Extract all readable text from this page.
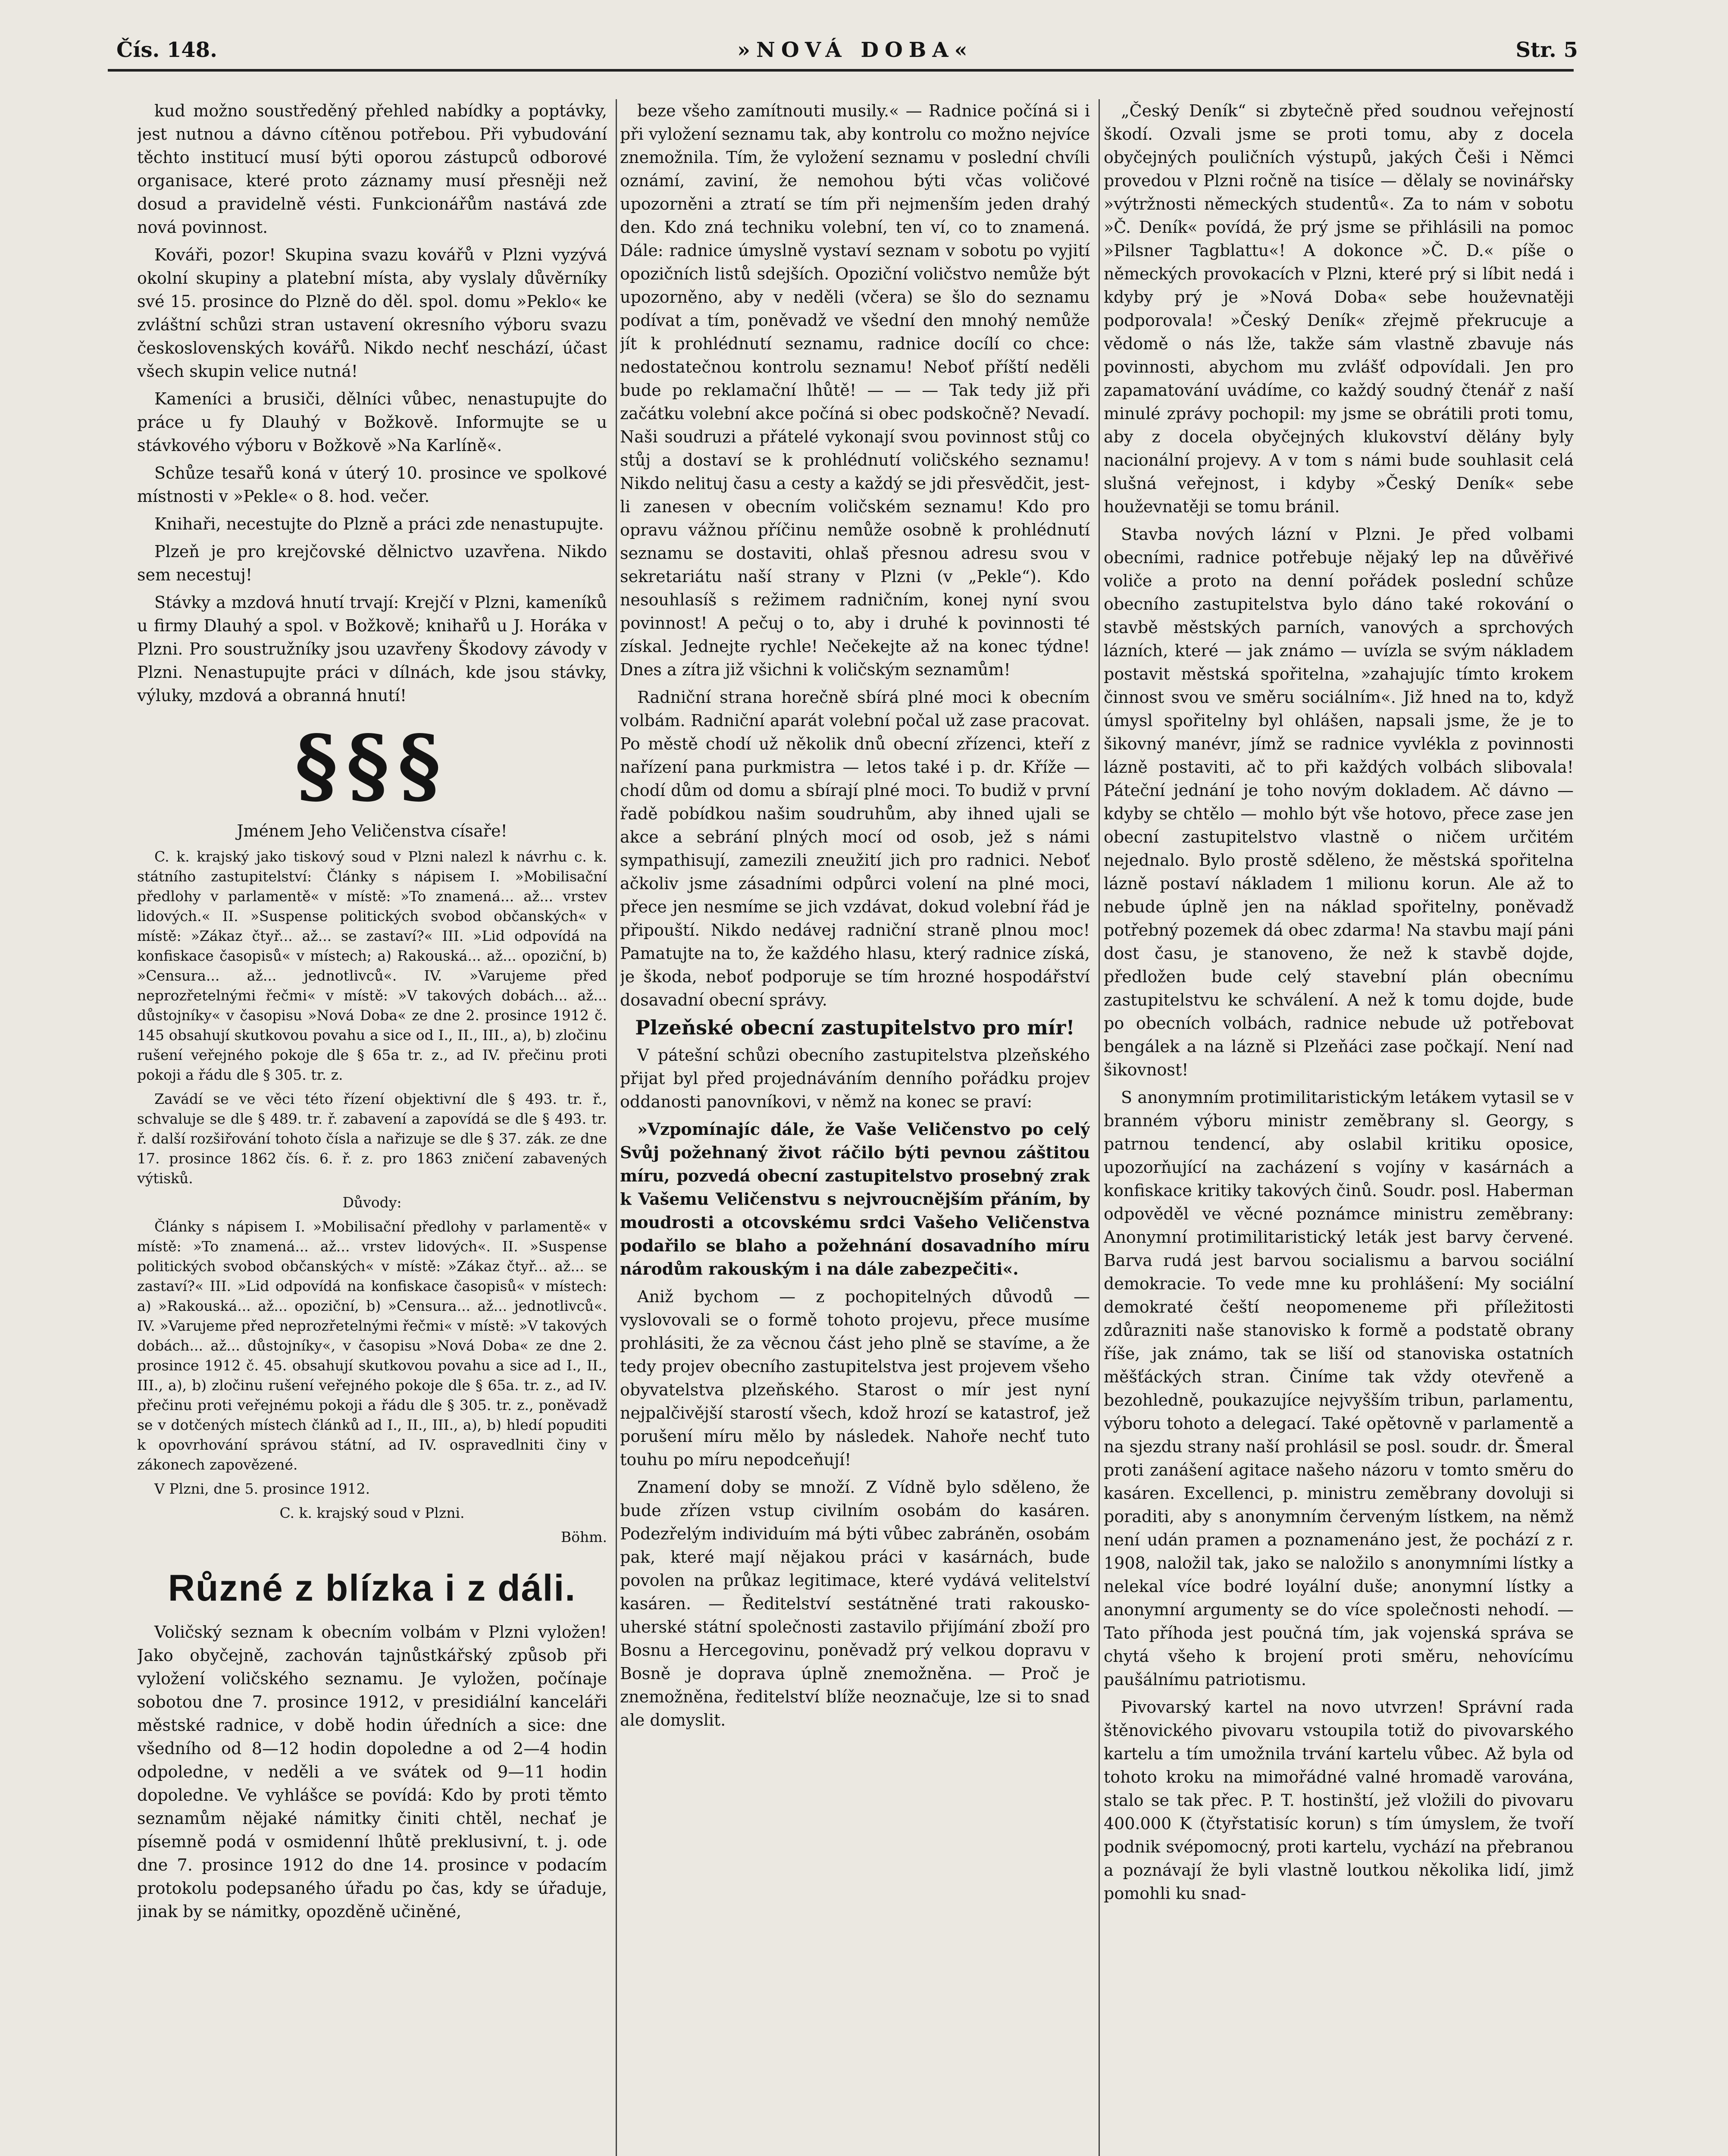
Čís. 148.	»NOVÁ DOBA«	Str. 5

kud možno soustředěný přehled nabídky a poptávky, jest nutnou a dávno cítěnou potřebou. Při vybudování těchto institucí musí býti oporou zástupců odborové organisace, které proto záznamy musí přesněji než dosud a pravidelně vésti. Funkcionářům nastává zde nová povinnost.

Kováři, pozor! Skupina svazu kovářů v Plzni vyzývá okolní skupiny a platební místa, aby vyslaly důvěrníky své 15. prosince do Plzně do děl. spol. domu »Peklo« ke zvláštní schůzi stran ustavení okresního výboru svazu československých kovářů. Nikdo nechť neschází, účast všech skupin velice nutná!

Kameníci a brusiči, dělníci vůbec, nenastupujte do práce u fy Dlauhý v Božkově. Informujte se u stávkového výboru v Božkově »Na Karlíně«.

Schůze tesařů koná v úterý 10. prosince ve spolkové místnosti v »Pekle« o 8. hod. večer.

Knihaři, necestujte do Plzně a práci zde nenastupujte.

Plzeň je pro krejčovské dělnictvo uzavřena. Nikdo sem necestuj!

Stávky a mzdová hnutí trvají: Krejčí v Plzni, kameníků u firmy Dlauhý a spol. v Božkově; knihařů u J. Horáka v Plzni. Pro soustružníky jsou uzavřeny Škodovy závody v Plzni. Nenastupujte práci v dílnách, kde jsou stávky, výluky, mzdová a obranná hnutí!

§§§

Jménem Jeho Veličenstva císaře!

C. k. krajský jako tiskový soud v Plzni nalezl k návrhu c. k. státního zastupitelství: Články s nápisem I. »Mobilisační předlohy v parlamentě« v místě: »To znamená... až... vrstev lidových.« II. »Suspense politických svobod občanských« v místě: »Zákaz čtyř... až... se zastaví?« III. »Lid odpovídá na konfiskace časopisů« v místech; a) Rakouská... až... opoziční, b) »Censura... až... jednotlivců«. IV. »Varujeme před neprozřetelnými řečmi« v místě: »V takových dobách... až... důstojníky« v časopisu »Nová Doba« ze dne 2. prosince 1912 č. 145 obsahují skutkovou povahu a sice od I., II., III., a), b) zločinu rušení veřejného pokoje dle § 65a tr. z., ad IV. přečinu proti pokoji a řádu dle § 305. tr. z.

Zavádí se ve věci této řízení objektivní dle § 493. tr. ř., schvaluje se dle § 489. tr. ř. zabavení a zapovídá se dle § 493. tr. ř. další rozšiřování tohoto čísla a nařizuje se dle § 37. zák. ze dne 17. prosince 1862 čís. 6. ř. z. pro 1863 zničení zabavených výtisků.

Důvody:

Články s nápisem I. »Mobilisační předlohy v parlamentě« v místě: »To znamená... až... vrstev lidových«. II. »Suspense politických svobod občanských« v místě: »Zákaz čtyř... až... se zastaví?« III. »Lid odpovídá na konfiskace časopisů« v místech: a) »Rakouská... až... opoziční, b) »Censura... až... jednotlivců«. IV. »Varujeme před neprozřetelnými řečmi« v místě: »V takových dobách... až... důstojníky«, v časopisu »Nová Doba« ze dne 2. prosince 1912 č. 45. obsahují skutkovou povahu a sice ad I., II., III., a), b) zločinu rušení veřejného pokoje dle § 65a. tr. z., ad IV. přečinu proti veřejnému pokoji a řádu dle § 305. tr. z., poněvadž se v dotčených místech článků ad I., II., III., a), b) hledí popuditi k opovrhování správou státní, ad IV. ospravedlniti činy v zákonech zapovězené.

V Plzni, dne 5. prosince 1912.

C. k. krajský soud v Plzni.

Böhm.

Různé z blízka i z dáli.

Voličský seznam k obecním volbám v Plzni vyložen! Jako obyčejně, zachován tajnůstkářský způsob při vyložení voličského seznamu. Je vyložen, počínaje sobotou dne 7. prosince 1912, v presidiální kanceláři městské radnice, v době hodin úředních a sice: dne všedního od 8—12 hodin dopoledne a od 2—4 hodin odpoledne, v neděli a ve svátek od 9—11 hodin dopoledne. Ve vyhlášce se povídá: Kdo by proti těmto seznamům nějaké námitky činiti chtěl, nechať je písemně podá v osmidenní lhůtě preklusivní, t. j. ode dne 7. prosince 1912 do dne 14. prosince v podacím protokolu podepsaného úřadu po čas, kdy se úřaduje, jinak by se námitky, opozděně učiněné,

beze všeho zamítnouti musily.« — Radnice počíná si i při vyložení seznamu tak, aby kontrolu co možno nejvíce znemožnila. Tím, že vyložení seznamu v poslední chvíli oznámí, zaviní, že nemohou býti včas voličové upozorněni a ztratí se tím při nejmenším jeden drahý den. Kdo zná techniku volební, ten ví, co to znamená. Dále: radnice úmyslně vystaví seznam v sobotu po vyjití opozičních listů sdejších. Opoziční voličstvo nemůže být upozorněno, aby v neděli (včera) se šlo do seznamu podívat a tím, poněvadž ve všední den mnohý nemůže jít k prohlédnutí seznamu, radnice docílí co chce: nedostatečnou kontrolu seznamu! Neboť příští neděli bude po reklamační lhůtě! — — — Tak tedy již při začátku volební akce počíná si obec podskočně? Nevadí. Naši soudruzi a přátelé vykonají svou povinnost stůj co stůj a dostaví se k prohlédnutí voličského seznamu! Nikdo nelituj času a cesty a každý se jdi přesvědčit, jest-li zanesen v obecním voličském seznamu! Kdo pro opravu vážnou příčinu nemůže osobně k prohlédnutí seznamu se dostaviti, ohlaš přesnou adresu svou v sekretariátu naší strany v Plzni (v „Pekle“). Kdo nesouhlasíš s režimem radničním, konej nyní svou povinnost! A pečuj o to, aby i druhé k povinnosti té získal. Jednejte rychle! Nečekejte až na konec týdne! Dnes a zítra již všichni k voličským seznamům!

Radniční strana horečně sbírá plné moci k obecním volbám. Radniční aparát volební počal už zase pracovat. Po městě chodí už několik dnů obecní zřízenci, kteří z nařízení pana purkmistra — letos také i p. dr. Kříže — chodí dům od domu a sbírají plné moci. To budiž v první řadě pobídkou našim soudruhům, aby ihned ujali se akce a sebrání plných mocí od osob, jež s námi sympathisují, zamezili zneužití jich pro radnici. Neboť ačkoliv jsme zásadními odpůrci volení na plné moci, přece jen nesmíme se jich vzdávat, dokud volební řád je připouští. Nikdo nedávej radniční straně plnou moc! Pamatujte na to, že každého hlasu, který radnice získá, je škoda, neboť podporuje se tím hrozné hospodářství dosavadní obecní správy.

Plzeňské obecní zastupitelstvo pro mír!

V pátešní schůzi obecního zastupitelstva plzeňského přijat byl před projednáváním denního pořádku projev oddanosti panovníkovi, v němž na konec se praví:

»Vzpomínajíc dále, že Vaše Veličenstvo po celý Svůj požehnaný život ráčilo býti pevnou záštitou míru, pozvedá obecní zastupitelstvo prosebný zrak k Vašemu Veličenstvu s nejvroucnějším přáním, by moudrosti a otcovskému srdci Vašeho Veličenstva podařilo se blaho a požehnání dosavadního míru národům rakouským i na dále zabezpečiti«.

Aniž bychom — z pochopitelných důvodů — vyslovovali se o formě tohoto projevu, přece musíme prohlásiti, že za věcnou část jeho plně se stavíme, a že tedy projev obecního zastupitelstva jest projevem všeho obyvatelstva plzeňského. Starost o mír jest nyní nejpalčivější starostí všech, kdož hrozí se katastrof, jež porušení míru mělo by následek. Nahoře nechť tuto touhu po míru nepodceňují!

Znamení doby se množí. Z Vídně bylo sděleno, že bude zřízen vstup civilním osobám do kasáren. Podezřelým individuím má býti vůbec zabráněn, osobám pak, které mají nějakou práci v kasárnách, bude povolen na průkaz legitimace, které vydává velitelství kasáren. — Ředitelství sestátněné trati rakousko-uherské státní společnosti zastavilo přijímání zboží pro Bosnu a Hercegovinu, poněvadž prý velkou dopravu v Bosně je doprava úplně znemožněna. — Proč je znemožněna, ředitelství blíže neoznačuje, lze si to snad ale domyslit.

„Český Deník“ si zbytečně před soudnou veřejností škodí. Ozvali jsme se proti tomu, aby z docela obyčejných pouličních výstupů, jakých Češi i Němci provedou v Plzni ročně na tisíce — dělaly se novinářsky »výtržnosti německých studentů«. Za to nám v sobotu »Č. Deník« povídá, že prý jsme se přihlásili na pomoc »Pilsner Tagblattu«! A dokonce »Č. D.« píše o německých provokacích v Plzni, které prý si líbit nedá i kdyby prý je »Nová Doba« sebe houževnatěji podporovala! »Český Deník« zřejmě překrucuje a vědomě o nás lže, takže sám vlastně zbavuje nás povinnosti, abychom mu zvlášť odpovídali. Jen pro zapamatování uvádíme, co každý soudný čtenář z naší minulé zprávy pochopil: my jsme se obrátili proti tomu, aby z docela obyčejných klukovství dělány byly nacionální projevy. A v tom s námi bude souhlasit celá slušná veřejnost, i kdyby »Český Deník« sebe houževnatěji se tomu bránil.

Stavba nových lázní v Plzni. Je před volbami obecními, radnice potřebuje nějaký lep na důvěřivé voliče a proto na denní pořádek poslední schůze obecního zastupitelstva bylo dáno také rokování o stavbě městských parních, vanových a sprchových lázních, které — jak známo — uvízla se svým nákladem postavit městská spořitelna, »zahajujíc tímto krokem činnost svou ve směru sociálním«. Již hned na to, když úmysl spořitelny byl ohlášen, napsali jsme, že je to šikovný manévr, jímž se radnice vyvlékla z povinnosti lázně postaviti, ač to při každých volbách slibovala! Páteční jednání je toho novým dokladem. Ač dávno — kdyby se chtělo — mohlo být vše hotovo, přece zase jen obecní zastupitelstvo vlastně o ničem určitém nejednalo. Bylo prostě sděleno, že městská spořitelna lázně postaví nákladem 1 milionu korun. Ale až to nebude úplně jen na náklad spořitelny, poněvadž potřebný pozemek dá obec zdarma! Na stavbu mají páni dost času, je stanoveno, že než k stavbě dojde, předložen bude celý stavební plán obecnímu zastupitelstvu ke schválení. A než k tomu dojde, bude po obecních volbách, radnice nebude už potřebovat bengálek a na lázně si Plzeňáci zase počkají. Není nad šikovnost!

S anonymním protimilitaristickým letákem vytasil se v branném výboru ministr zeměbrany sl. Georgy, s patrnou tendencí, aby oslabil kritiku oposice, upozorňující na zacházení s vojíny v kasárnách a konfiskace kritiky takových činů. Soudr. posl. Haberman odpověděl ve věcné poznámce ministru zeměbrany: Anonymní protimilitaristický leták jest barvy červené. Barva rudá jest barvou socialismu a barvou sociální demokracie. To vede mne ku prohlášení: My sociální demokraté čeští neopomeneme při příležitosti zdůrazniti naše stanovisko k formě a podstatě obrany říše, jak známo, tak se liší od stanoviska ostatních měšťáckých stran. Činíme tak vždy otevřeně a bezohledně, poukazujíce nejvyšším tribun, parlamentu, výboru tohoto a delegací. Také opětovně v parlamentě a na sjezdu strany naší prohlásil se posl. soudr. dr. Šmeral proti zanášení agitace našeho názoru v tomto směru do kasáren. Excellenci, p. ministru zeměbrany dovoluji si poraditi, aby s anonymním červeným lístkem, na němž není udán pramen a poznamenáno jest, že pochází z r. 1908, naložil tak, jako se naložilo s anonymními lístky a nelekal více bodré loyální duše; anonymní lístky a anonymní argumenty se do více společnosti nehodí. — Tato příhoda jest poučná tím, jak vojenská správa se chytá všeho k brojení proti směru, nehovícímu paušálnímu patriotismu.

Pivovarský kartel na novo utvrzen! Správní rada štěnovického pivovaru vstoupila totiž do pivovarského kartelu a tím umožnila trvání kartelu vůbec. Až byla od tohoto kroku na mimořádné valné hromadě varována, stalo se tak přec. P. T. hostinští, jež vložili do pivovaru 400.000 K (čtyřstatisíc korun) s tím úmyslem, že tvoří podnik svépomocný, proti kartelu, vychází na přebranou a poznávají že byli vlastně loutkou několika lidí, jimž pomohli ku snad-
